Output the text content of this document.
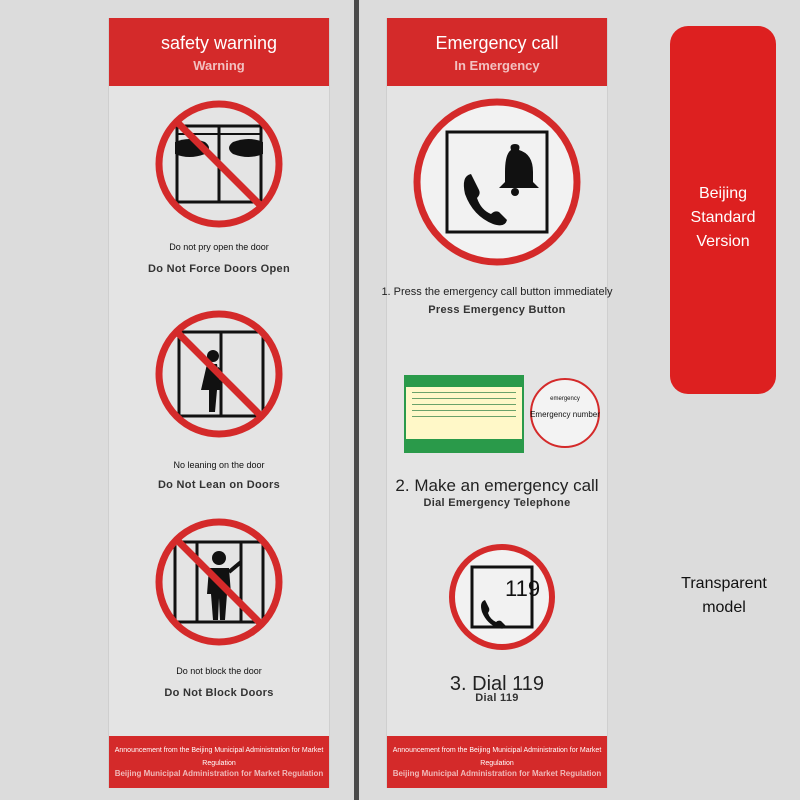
safety warning
Warning
Do not pry open the door
Do Not Force Doors Open
No leaning on the door
Do Not Lean on Doors
Do not block the door
Do Not Block Doors
Announcement from the Beijing Municipal Administration for Market Regulation
Beijing Municipal Administration for Market Regulation
Emergency call
In Emergency
1. Press the emergency call button immediately
Press Emergency Button
emergency
Emergency number
2. Make an emergency call
Dial Emergency Telephone
119
3. Dial 119
Dial 119
Announcement from the Beijing Municipal Administration for Market Regulation
Beijing Municipal Administration for Market Regulation
Beijing
Standard
Version
Transparent
model
